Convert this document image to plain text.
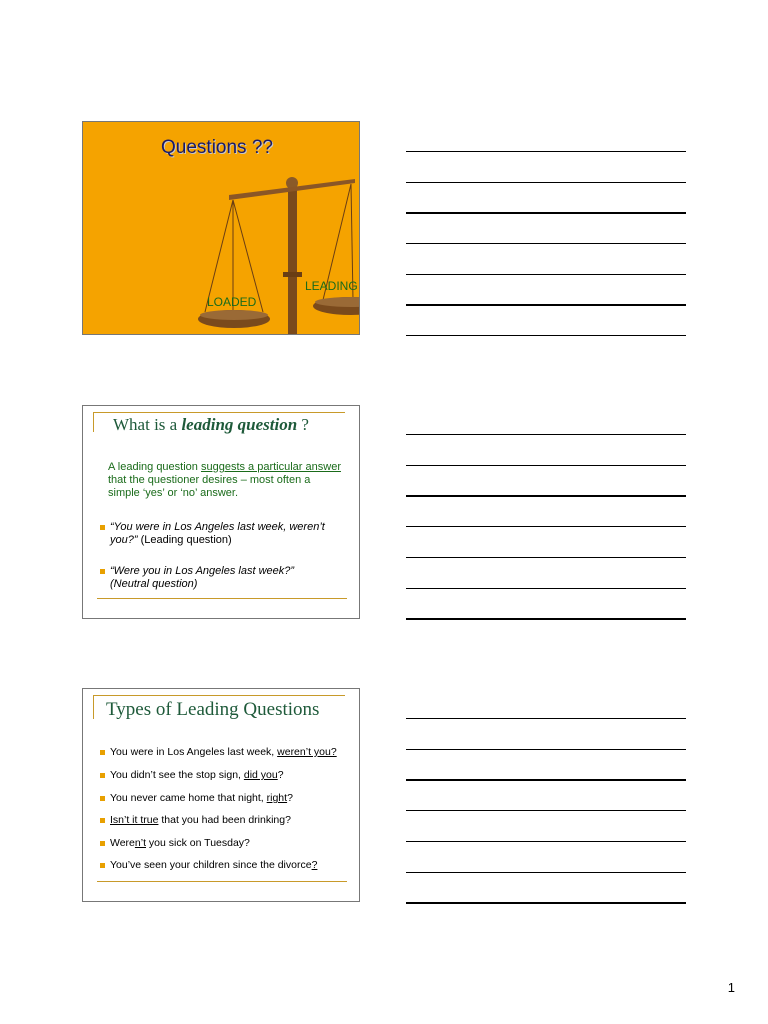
Questions ??
LOADED
LEADING
What is a leading question ?
A leading question suggests a particular answer that the questioner desires – most often a simple ‘yes’ or ‘no’ answer.
“You were in Los Angeles last week, weren’t you?” (Leading question)
“Were you in Los Angeles last week?”
(Neutral question)
Types of Leading Questions
You were in Los Angeles last week, weren’t you?
You didn’t see the stop sign, did you?
You never came home that night, right?
Isn’t it true that you had been drinking?
Weren’t you sick on Tuesday?
You’ve seen your children since the divorce?
1
